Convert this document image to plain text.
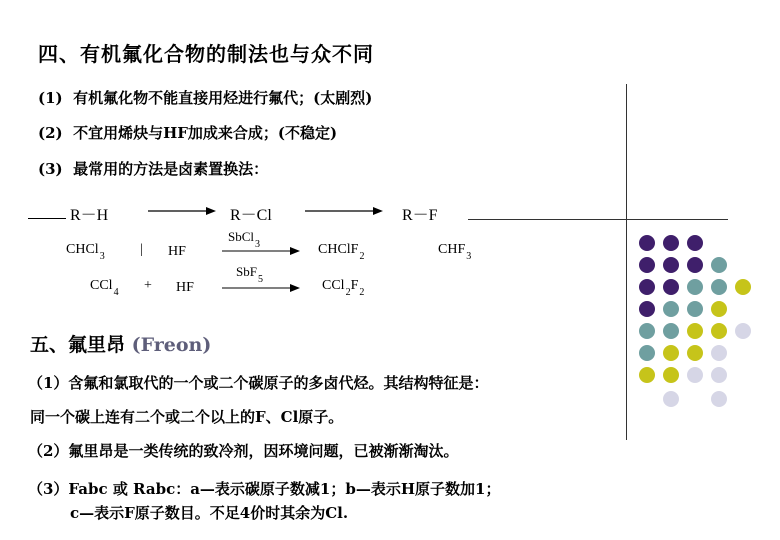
四、有机氟化合物的制法也与众不同
(1) 有机氟化物不能直接用烃进行氟代；(太剧烈)
(2) 不宜用烯炔与HF加成来合成；(不稳定)
(3) 最常用的方法是卤素置换法：
R－H	R－Cl	R－F
CHCl$_3$	| HF
SbCl$_3$	CHClF$_2$	$CHF_3$
CCl$_4$ + HF
SbF$_5$	$CCl_2F_2$
五、氟里昂 (Freon)
（1）含氟和氯取代的一个或二个碳原子的多卤代烃。其结构特征是：
同一个碳上连有二个或二个以上的F、Cl原子。
（2）氟里昂是一类传统的致冷剂，因环境问题，已被渐渐淘汰。
（3）Fabc 或 Rabc：a—表示碳原子数减1；b—表示H原子数加1；
c—表示F原子数目。不足4价时其余为Cl.
